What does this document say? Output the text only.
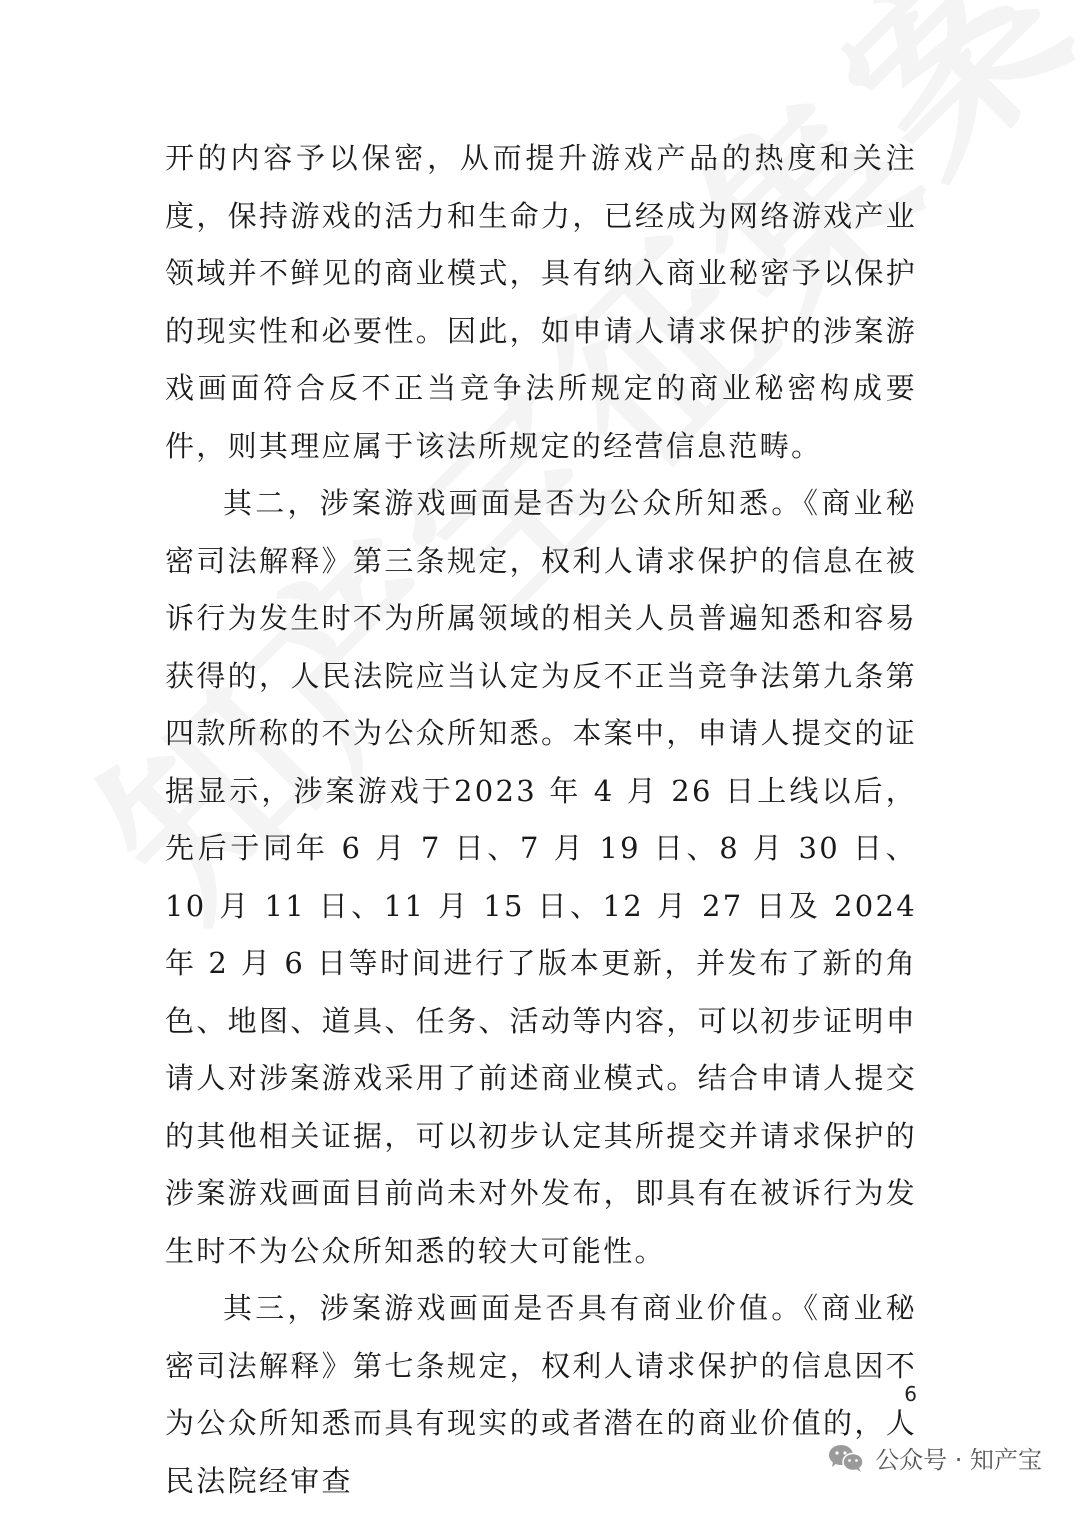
开的内容予以保密，从而提升游戏产品的热度和关注度，保持游戏的活力和生命力，已经成为网络游戏产业领域并不鲜见的商业模式，具有纳入商业秘密予以保护的现实性和必要性。因此，如申请人请求保护的涉案游戏画面符合反不正当竞争法所规定的商业秘密构成要件，则其理应属于该法所规定的经营信息范畴。

其二，涉案游戏画面是否为公众所知悉。《商业秘密司法解释》第三条规定，权利人请求保护的信息在被诉行为发生时不为所属领域的相关人员普遍知悉和容易获得的，人民法院应当认定为反不正当竞争法第九条第四款所称的不为公众所知悉。本案中，申请人提交的证据显示，涉案游戏于2023 年 4 月 26 日上线以后，先后于同年 6 月 7 日、7 月 19 日、8 月 30 日、10 月 11 日、11 月 15 日、12 月 27 日及 2024 年 2 月 6 日等时间进行了版本更新，并发布了新的角色、地图、道具、任务、活动等内容，可以初步证明申请人对涉案游戏采用了前述商业模式。结合申请人提交的其他相关证据，可以初步认定其所提交并请求保护的涉案游戏画面目前尚未对外发布，即具有在被诉行为发生时不为公众所知悉的较大可能性。

其三，涉案游戏画面是否具有商业价值。《商业秘密司法解释》第七条规定，权利人请求保护的信息因不为公众所知悉而具有现实的或者潜在的商业价值的，人民法院经审查

6
公众号 · 知产宝
